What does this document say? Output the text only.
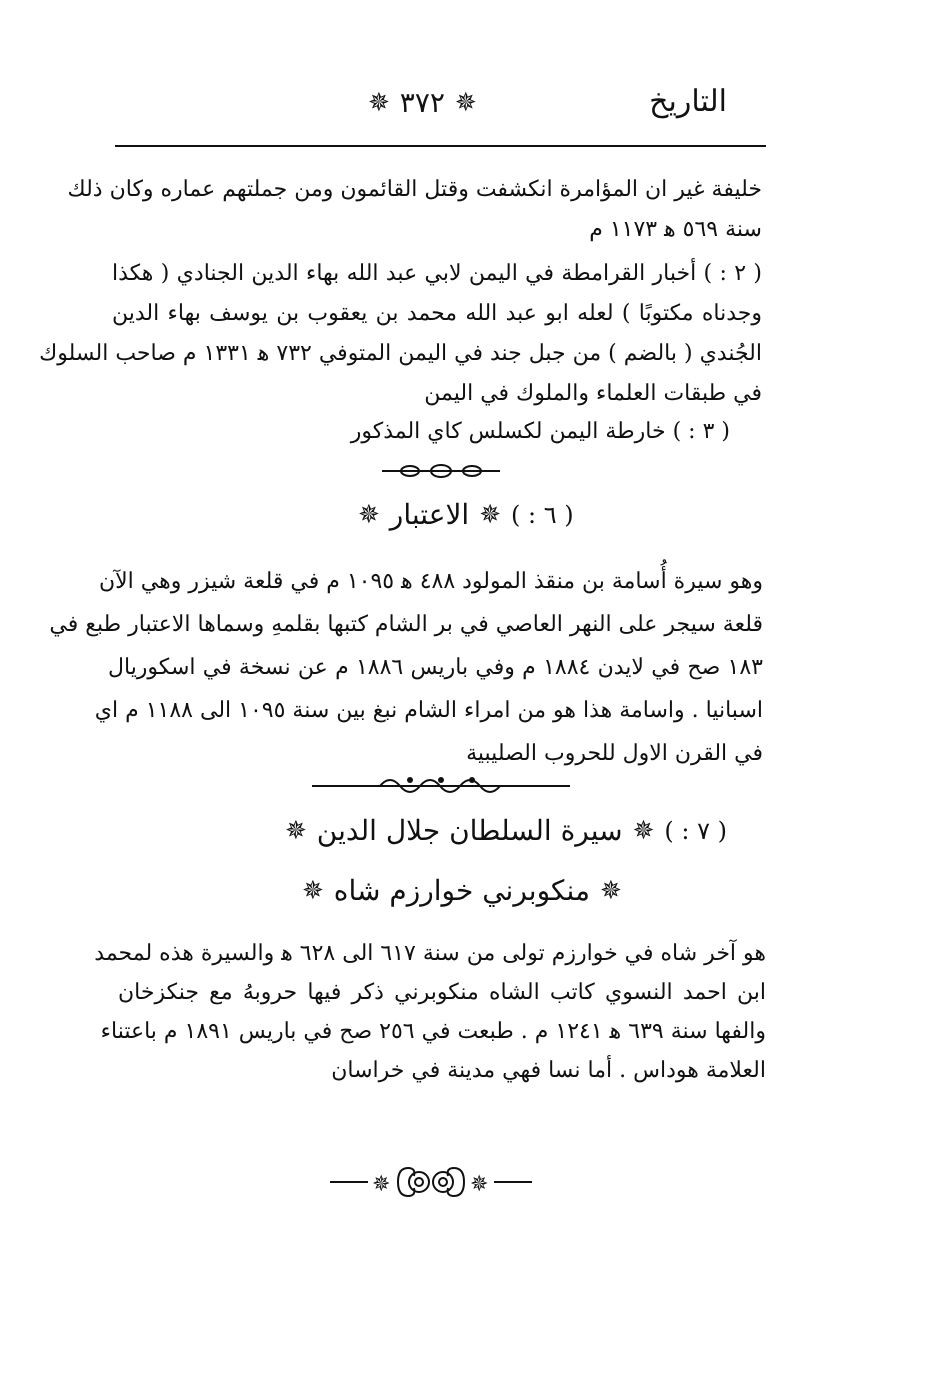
✵ ٣٧٢ ✵	التاريخ
خليفة غير ان المؤامرة انكشفت وقتل القائمون ومن جملتهم عماره وكان ذلك
سنة ٥٦٩ ﻫ ١١٧٣ م
( ٢ : ) أخبار القرامطة في اليمن لابي عبد الله بهاء الدين الجنادي ( هكذا
وجدناه مكتوبًا ) لعله ابو عبد الله محمد بن يعقوب بن يوسف بهاء الدين
الجُندي ( بالضم ) من جبل جند في اليمن المتوفي ٧٣٢ ﻫ ١٣٣١ م صاحب السلوك
في طبقات العلماء والملوك في اليمن
( ٣ : ) خارطة اليمن لكسلس كاي المذكور
( ٦ : )
✵
الاعتبار
✵
وهو سيرة أُسامة بن منقذ المولود ٤٨٨ ﻫ ١٠٩٥ م في قلعة شيزر وهي الآن
قلعة سيجر على النهر العاصي في بر الشام كتبها بقلمهِ وسماها الاعتبار طبع في
١٨٣ صح في لايدن ١٨٨٤ م وفي باريس ١٨٨٦ م عن نسخة في اسكوريال
اسبانيا . واسامة هذا هو من امراء الشام نبغ بين سنة ١٠٩٥ الى ١١٨٨ م اي
في القرن الاول للحروب الصليبية
( ٧ : )
✵
سيرة السلطان جلال الدين
✵
✵
منكوبرني خوارزم شاه
✵
هو آخر شاه في خوارزم تولى من سنة ٦١٧ الى ٦٢٨ ﻫ والسيرة هذه لمحمد
ابن احمد النسوي كاتب الشاه منكوبرني ذكر فيها حروبهُ مع جنكزخان
والفها سنة ٦٣٩ ﻫ ١٢٤١ م . طبعت في ٢٥٦ صح في باريس ١٨٩١ م باعتناء
العلامة هوداس . أما نسا فهي مدينة في خراسان
✵	✵
